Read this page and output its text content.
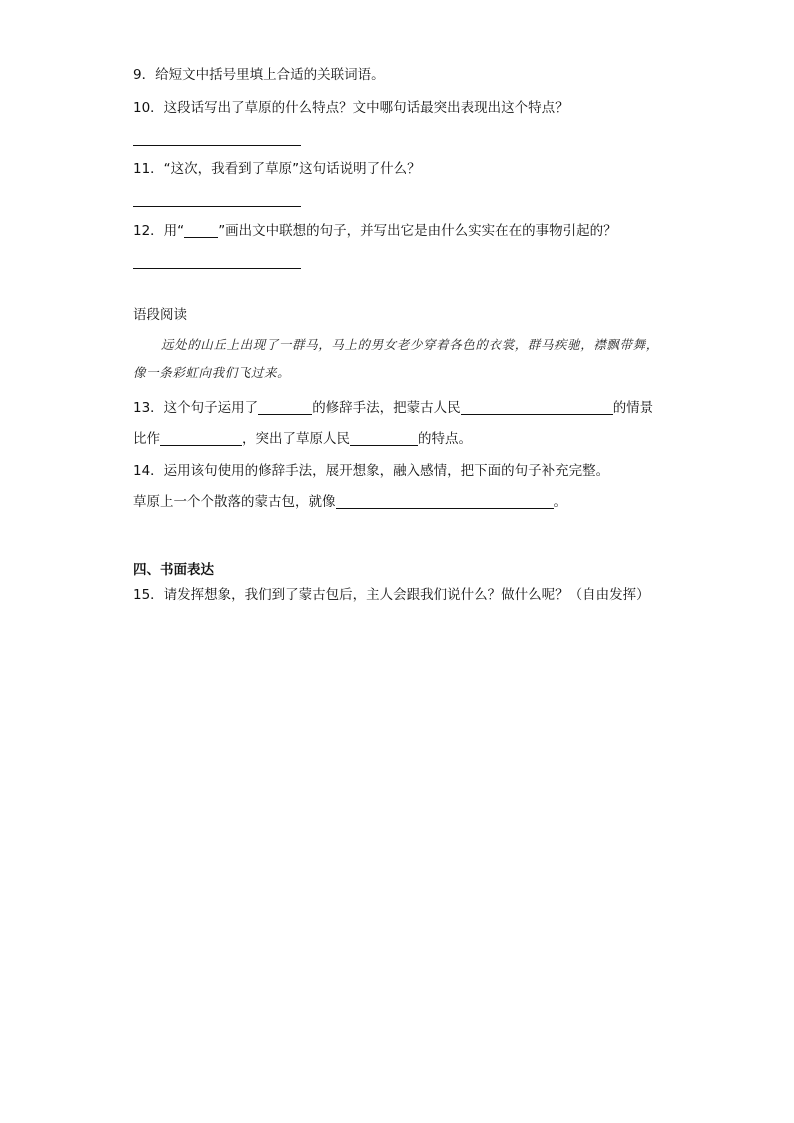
9．给短文中括号里填上合适的关联词语。
10．这段话写出了草原的什么特点？文中哪句话最突出表现出这个特点？
11．“这次，我看到了草原”这句话说明了什么？
12．用“	”画出文中联想的句子，并写出它是由什么实实在在的事物引起的？
语段阅读
远处的山丘上出现了一群马，马上的男女老少穿着各色的衣裳，群马疾驰，襟飘带舞，像一条彩虹向我们飞过来。
13．这个句子运用了	的修辞手法，把蒙古人民	的情景
比作	，突出了草原人民	的特点。
14．运用该句使用的修辞手法，展开想象，融入感情，把下面的句子补充完整。
草原上一个个散落的蒙古包，就像	。
四、书面表达
15．请发挥想象，我们到了蒙古包后，主人会跟我们说什么？做什么呢？（自由发挥）
